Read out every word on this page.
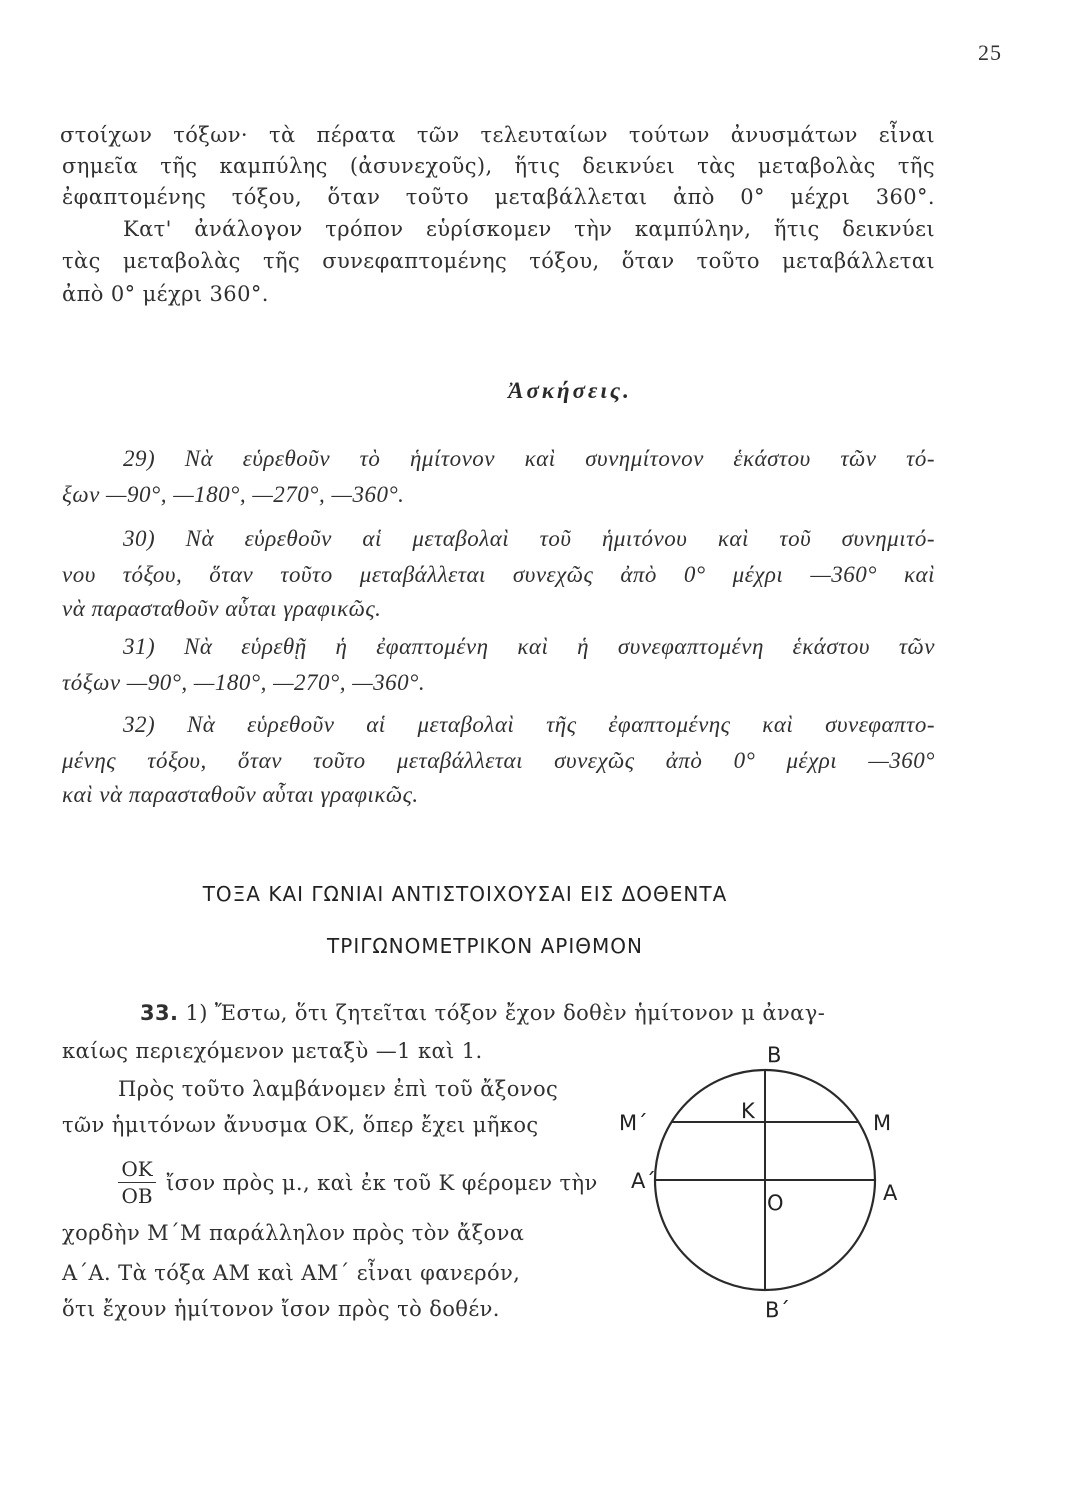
25
στοίχων τόξων· τὰ πέρατα τῶν τελευταίων τούτων ἀνυσμάτων εἶναι
σημεῖα τῆς καμπύλης (ἀσυνεχοῦς), ἥτις δεικνύει τὰς μεταβολὰς τῆς
ἐφαπτομένης τόξου, ὅταν τοῦτο μεταβάλλεται ἀπὸ 0° μέχρι 360°.
Κατ' ἀνάλογον τρόπον εὑρίσκομεν τὴν καμπύλην, ἥτις δεικνύει
τὰς μεταβολὰς τῆς συνεφαπτομένης τόξου, ὅταν τοῦτο μεταβάλλεται
ἀπὸ 0° μέχρι 360°.
Ἀσκήσεις.
29) Νὰ εὑρεθοῦν τὸ ἡμίτονον καὶ συνημίτονον ἑκάστου τῶν τό-
ξων —90°, —180°, —270°, —360°.
30) Νὰ εὑρεθοῦν αἱ μεταβολαὶ τοῦ ἡμιτόνου καὶ τοῦ συνημιτό-
νου τόξου, ὅταν τοῦτο μεταβάλλεται συνεχῶς ἀπὸ 0° μέχρι —360° καὶ
νὰ παρασταθοῦν αὗται γραφικῶς.
31) Νὰ εὑρεθῇ ἡ ἐφαπτομένη καὶ ἡ συνεφαπτομένη ἑκάστου τῶν
τόξων —90°, —180°, —270°, —360°.
32) Νὰ εὑρεθοῦν αἱ μεταβολαὶ τῆς ἐφαπτομένης καὶ συνεφαπτο-
μένης τόξου, ὅταν τοῦτο μεταβάλλεται συνεχῶς ἀπὸ 0° μέχρι —360°
καὶ νὰ παρασταθοῦν αὗται γραφικῶς.
ΤΟΞΑ ΚΑΙ ΓΩΝΙΑΙ ΑΝΤΙΣΤΟΙΧΟΥΣΑΙ ΕΙΣ ΔΟΘΕΝΤΑ
ΤΡΙΓΩΝΟΜΕΤΡΙΚΟΝ ΑΡΙΘΜΟΝ
33. 1) Ἔστω, ὅτι ζητεῖται τόξον ἔχον δοθὲν ἡμίτονον μ ἀναγ-
καίως περιεχόμενον μεταξὺ —1 καὶ 1.
Πρὸς τοῦτο λαμβάνομεν ἐπὶ τοῦ ἄξονος
τῶν ἡμιτόνων ἄνυσμα ΟΚ, ὅπερ ἔχει μῆκος
$\frac{OK}{OB}$ ἴσον πρὸς μ., καὶ ἐκ τοῦ Κ φέρομεν τὴν
χορδὴν Μ΄Μ παράλληλον πρὸς τὸν ἄξονα
Α΄Α. Τὰ τόξα ΑΜ καὶ ΑΜ΄ εἶναι φανερόν,
ὅτι ἔχουν ἡμίτονον ἴσον πρὸς τὸ δοθέν.
Β
Κ
Μ΄	Μ
Α΄	Α
Ο
Β΄
